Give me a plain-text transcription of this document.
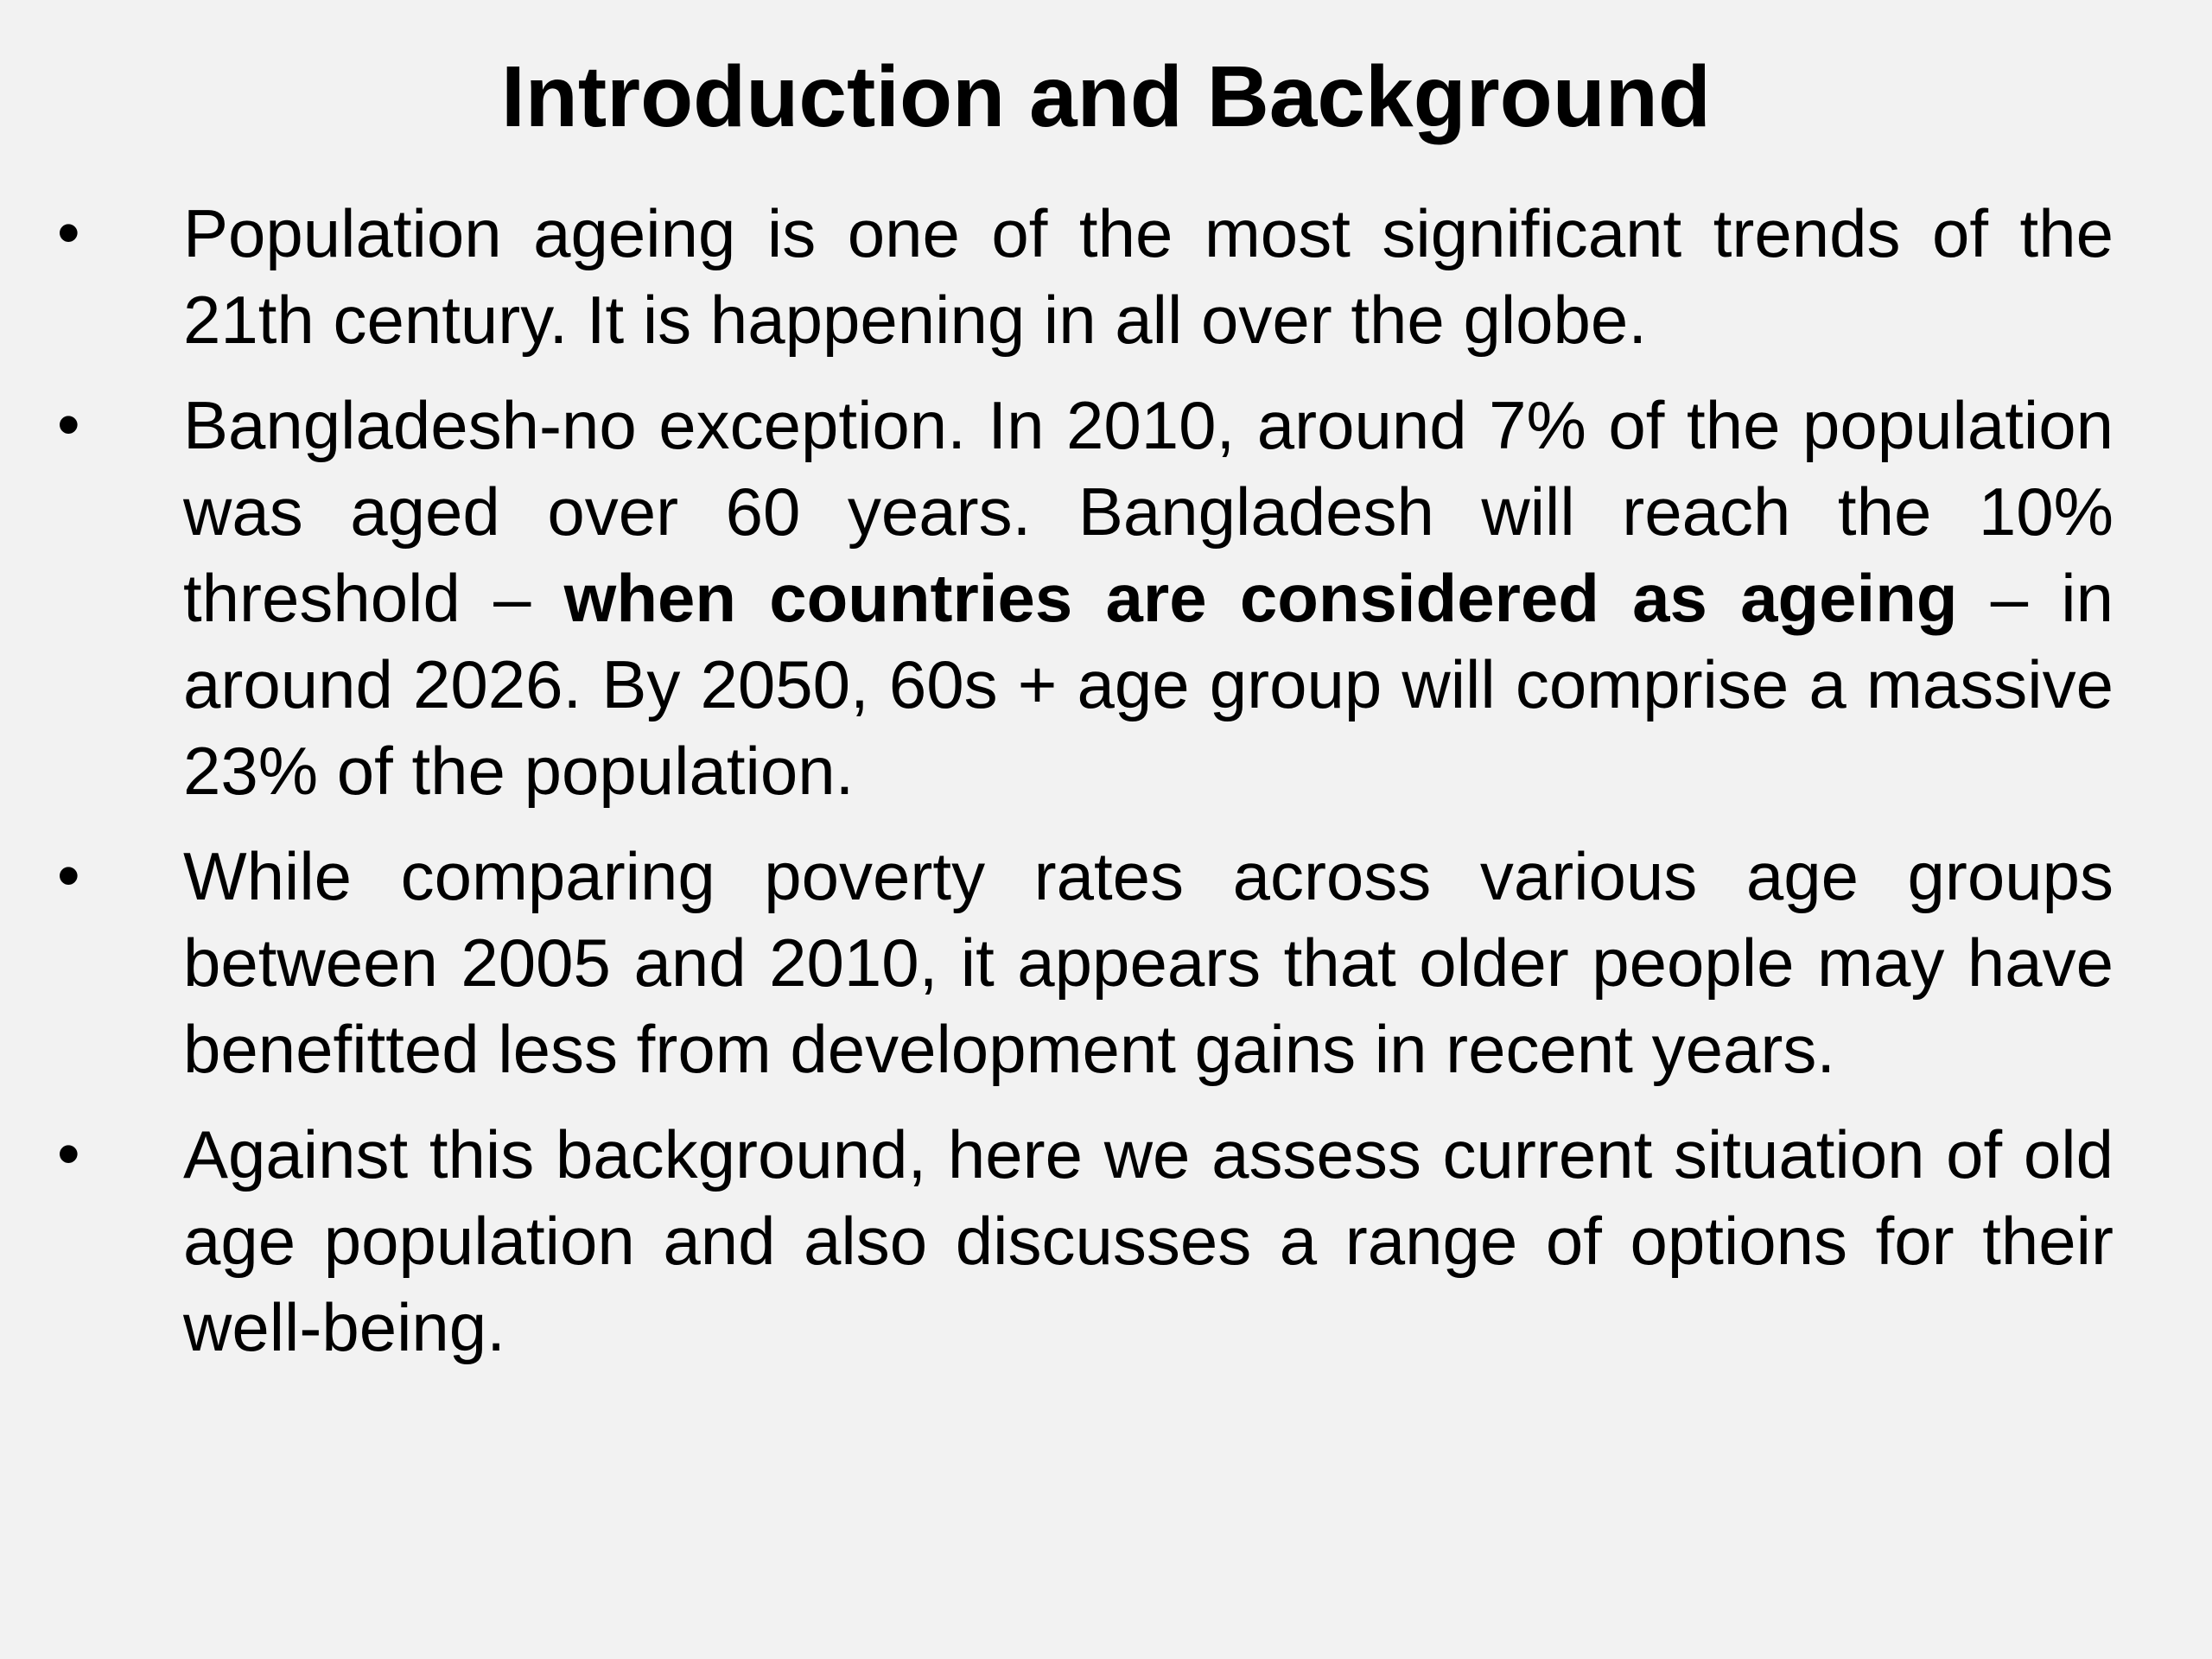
Introduction and Background
• Population ageing is one of the most significant trends of the 21th century. It is happening in all over the globe.
• Bangladesh-no exception. In 2010, around 7% of the population was aged over 60 years. Bangladesh will reach the 10% threshold – when countries are considered as ageing – in around 2026. By 2050, 60s + age group will comprise a massive 23% of the population.
• While comparing poverty rates across various age groups between 2005 and 2010, it appears that older people may have benefitted less from development gains in recent years.
• Against this background, here we assess current situation of old age population and also discusses a range of options for their well-being.
